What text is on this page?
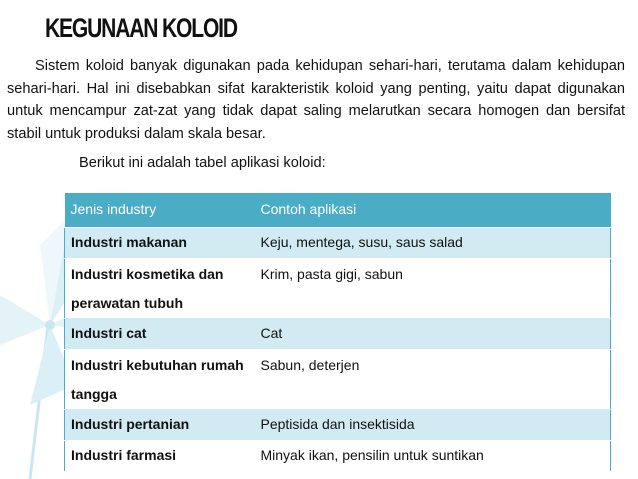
KEGUNAAN KOLOID

Sistem koloid banyak digunakan pada kehidupan sehari-hari, terutama dalam kehidupan sehari-hari. Hal ini disebabkan sifat karakteristik koloid yang penting, yaitu dapat digunakan untuk mencampur zat-zat yang tidak dapat saling melarutkan secara homogen dan bersifat stabil untuk produksi dalam skala besar.

Berikut ini adalah tabel aplikasi koloid:

Jenis industry	Contoh aplikasi
Industri makanan	Keju, mentega, susu, saus salad

Industri kosmetika dan
perawatan tubuh	Krim, pasta gigi, sabun
Industri cat	Cat

Industri kebutuhan rumah
tangga	Sabun, deterjen
Industri pertanian	Peptisida dan insektisida
Industri farmasi	Minyak ikan, pensilin untuk suntikan
